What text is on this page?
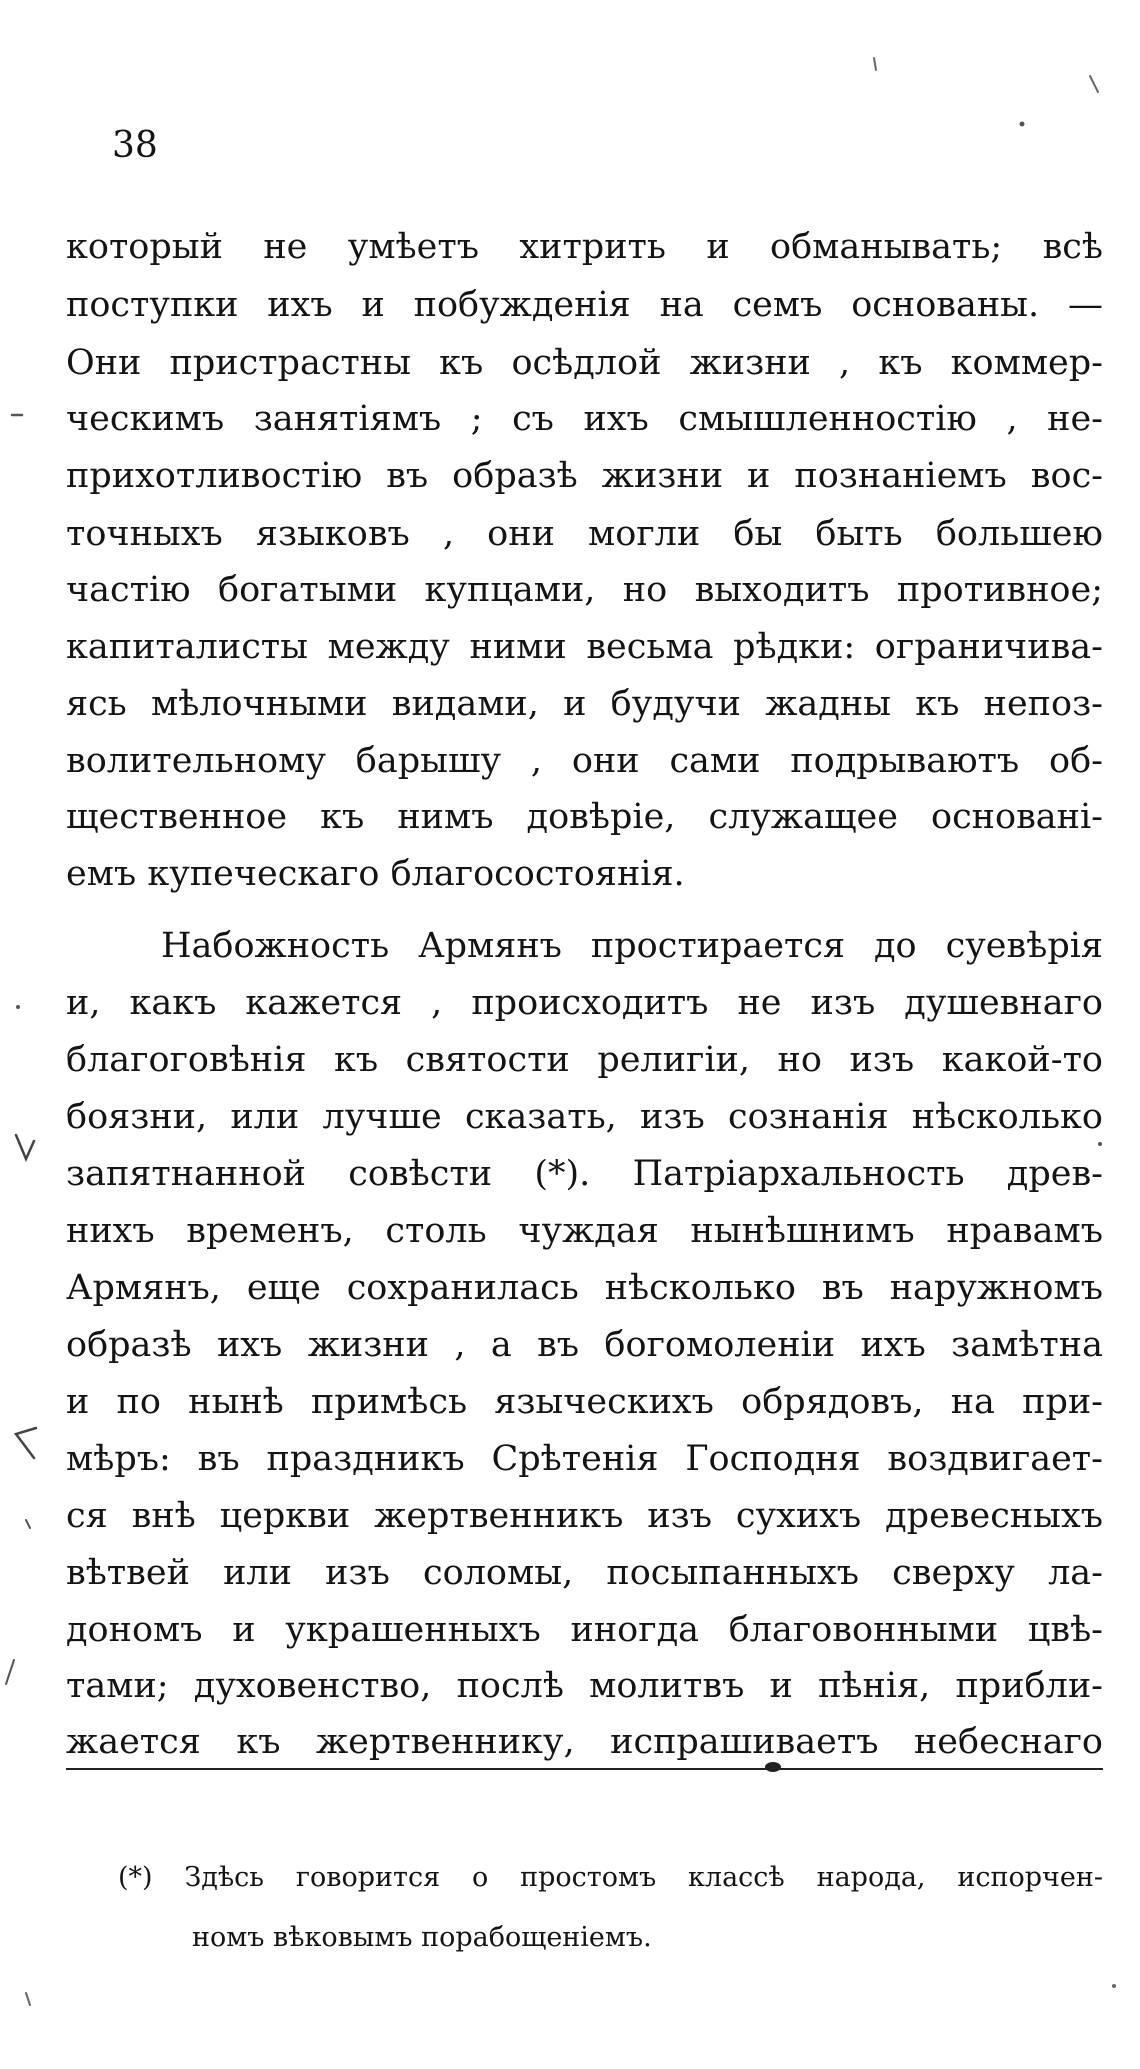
38

который не умѣетъ хитрить и обманывать; всѣ

поступки ихъ и побужденія на семъ основаны. —

Они пристрастны къ осѣдлой жизни , къ коммер-

ческимъ занятіямъ ; съ ихъ смышленностію , не-

прихотливостію въ образѣ жизни и познаніемъ вос-

точныхъ языковъ , они могли бы быть большею

частію богатыми купцами, но выходитъ противное;

капиталисты между ними весьма рѣдки: ограничива-

ясь мѣлочными видами, и будучи жадны къ непоз-

волительному барышу , они сами подрываютъ об-

щественное къ нимъ довѣріе, служащее основані-

емъ купеческаго благосостоянія.

Набожность Армянъ простирается до суевѣрія

и, какъ кажется , происходитъ не изъ душевнаго

благоговѣнія къ святости религіи, но изъ какой-то

боязни, или лучше сказать, изъ сознанія нѣсколько

запятнанной совѣсти (*). Патріархальность древ-

нихъ временъ, столь чуждая нынѣшнимъ нравамъ

Армянъ, еще сохранилась нѣсколько въ наружномъ

образѣ ихъ жизни , а въ богомоленіи ихъ замѣтна

и по нынѣ примѣсь языческихъ обрядовъ, на при-

мѣръ: въ праздникъ Срѣтенія Господня воздвигает-

ся внѣ церкви жертвенникъ изъ сухихъ древесныхъ

вѣтвей или изъ соломы, посыпанныхъ сверху ла-

дономъ и украшенныхъ иногда благовонными цвѣ-

тами; духовенство, послѣ молитвъ и пѣнія, прибли-

жается къ жертвеннику, испрашиваетъ небеснаго

(*) Здѣсь говорится о простомъ классѣ народа, испорчен-

номъ вѣковымъ порабощеніемъ.
